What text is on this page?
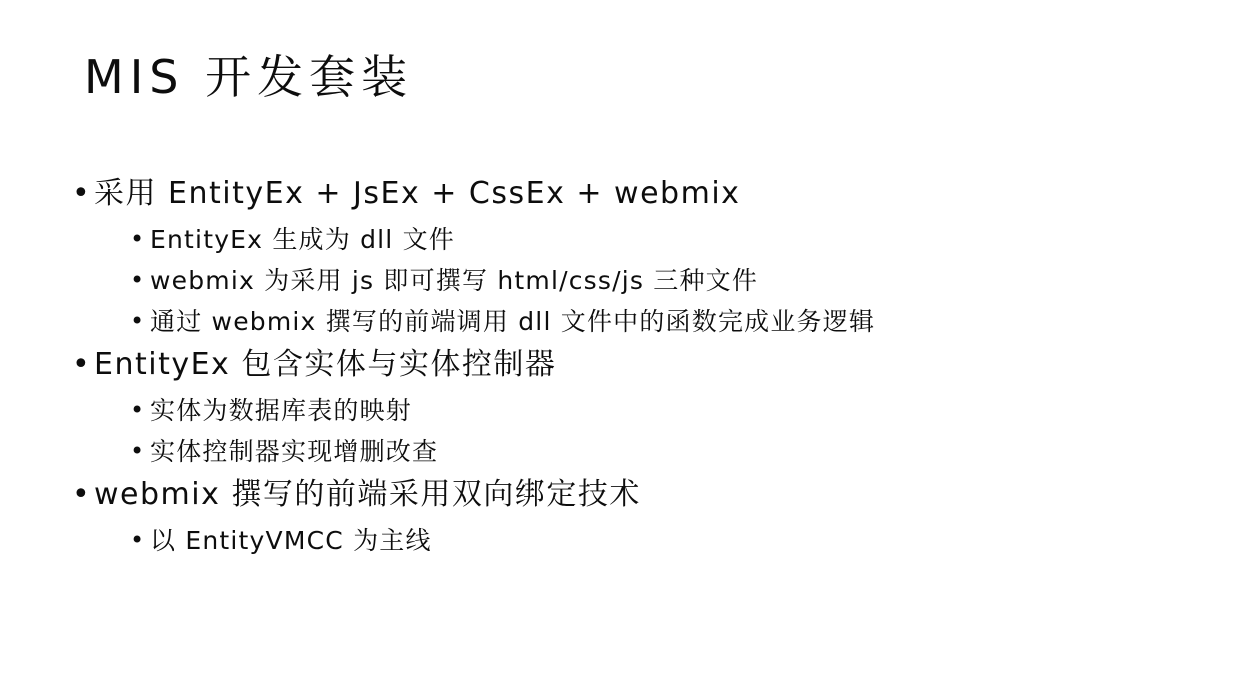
MIS 开发套装
• 采用 EntityEx + JsEx + CssEx + webmix
• EntityEx 生成为 dll 文件
• webmix 为采用 js 即可撰写 html/css/js 三种文件
• 通过 webmix 撰写的前端调用 dll 文件中的函数完成业务逻辑
• EntityEx 包含实体与实体控制器
• 实体为数据库表的映射
• 实体控制器实现增删改查
• webmix 撰写的前端采用双向绑定技术
• 以 EntityVMCC 为主线
